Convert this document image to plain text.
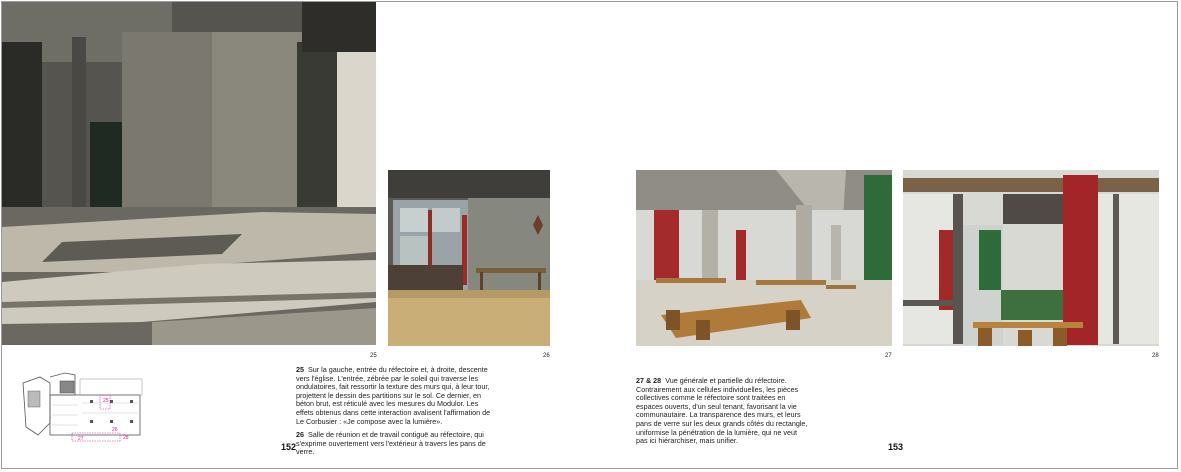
25	26	27	28
25
26
27	28

25 Sur la gauche, entrée du réfectoire et, à droite, descente vers l'église. L'entrée, zébrée par le soleil qui traverse les ondulatoires, fait ressortir la texture des murs qui, à leur tour, projettent le dessin des partitions sur le sol. Ce dernier, en béton brut, est réticulé avec les mesures du Modulor. Les effets obtenus dans cette interaction avalisent l'affirmation de Le Corbusier : «Je compose avec la lumière».

26 Salle de réunion et de travail contiguë au réfectoire, qui s'exprime ouvertement vers l'extérieur à travers les pans de verre.

27 & 28 Vue générale et partielle du réfectoire. Contrairement aux cellules individuelles, les pièces collectives comme le réfectoire sont traitées en espaces ouverts, d'un seul tenant, favorisant la vie communautaire. La transparence des murs, et leurs pans de verre sur les deux grands côtés du rectangle, uniformise la pénétration de la lumière, qui ne veut pas ici hiérarchiser, mais unifier.

152	153
